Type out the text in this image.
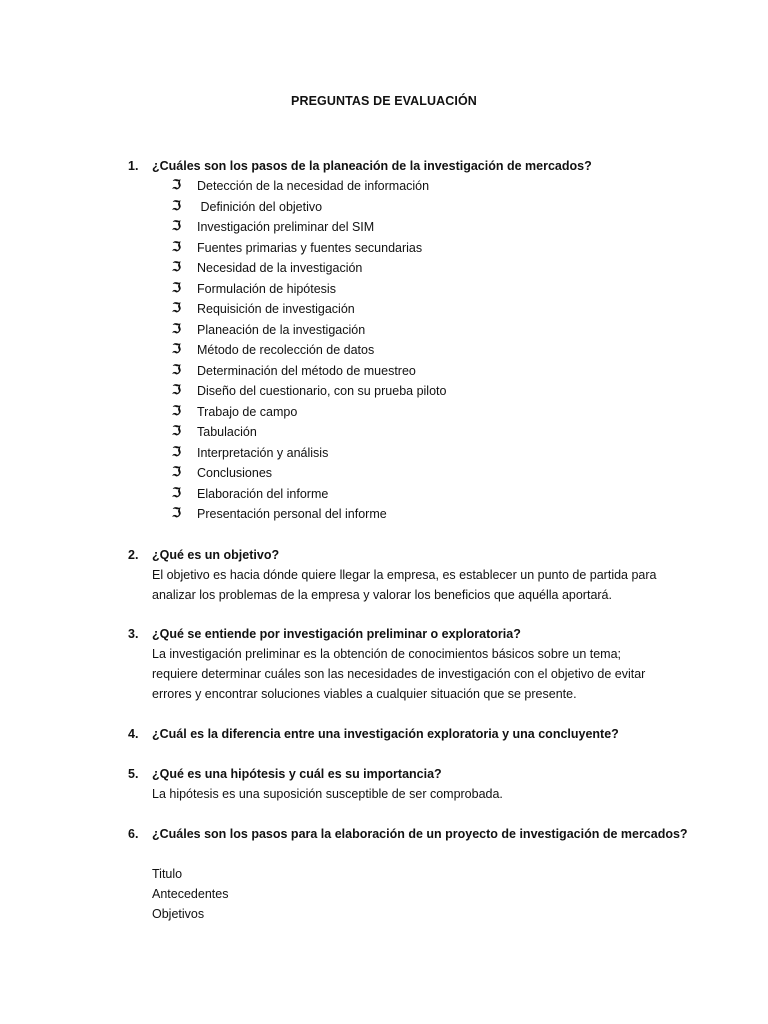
PREGUNTAS DE EVALUACIÓN
1. ¿Cuáles son los pasos de la planeación de la investigación de mercados?
ℑ	Detección de la necesidad de información
ℑ	Definición del objetivo
ℑ	Investigación preliminar del SIM
ℑ	Fuentes primarias y fuentes secundarias
ℑ	Necesidad de la investigación
ℑ	Formulación de hipótesis
ℑ	Requisición de investigación
ℑ	Planeación de la investigación
ℑ	Método de recolección de datos
ℑ	Determinación del método de muestreo
ℑ	Diseño del cuestionario, con su prueba piloto
ℑ	Trabajo de campo
ℑ	Tabulación
ℑ	Interpretación y análisis
ℑ	Conclusiones
ℑ	Elaboración del informe
ℑ	Presentación personal del informe
2. ¿Qué es un objetivo?
El objetivo es hacia dónde quiere llegar la empresa, es establecer un punto de partida para
analizar los problemas de la empresa y valorar los beneficios que aquélla aportará.
3. ¿Qué se entiende por investigación preliminar o exploratoria?
La investigación preliminar es la obtención de conocimientos básicos sobre un tema;
requiere determinar cuáles son las necesidades de investigación con el objetivo de evitar
errores y encontrar soluciones viables a cualquier situación que se presente.
4. ¿Cuál es la diferencia entre una investigación exploratoria y una concluyente?
5. ¿Qué es una hipótesis y cuál es su importancia?
La hipótesis es una suposición susceptible de ser comprobada.
6. ¿Cuáles son los pasos para la elaboración de un proyecto de investigación de mercados?
Titulo
Antecedentes
Objetivos
